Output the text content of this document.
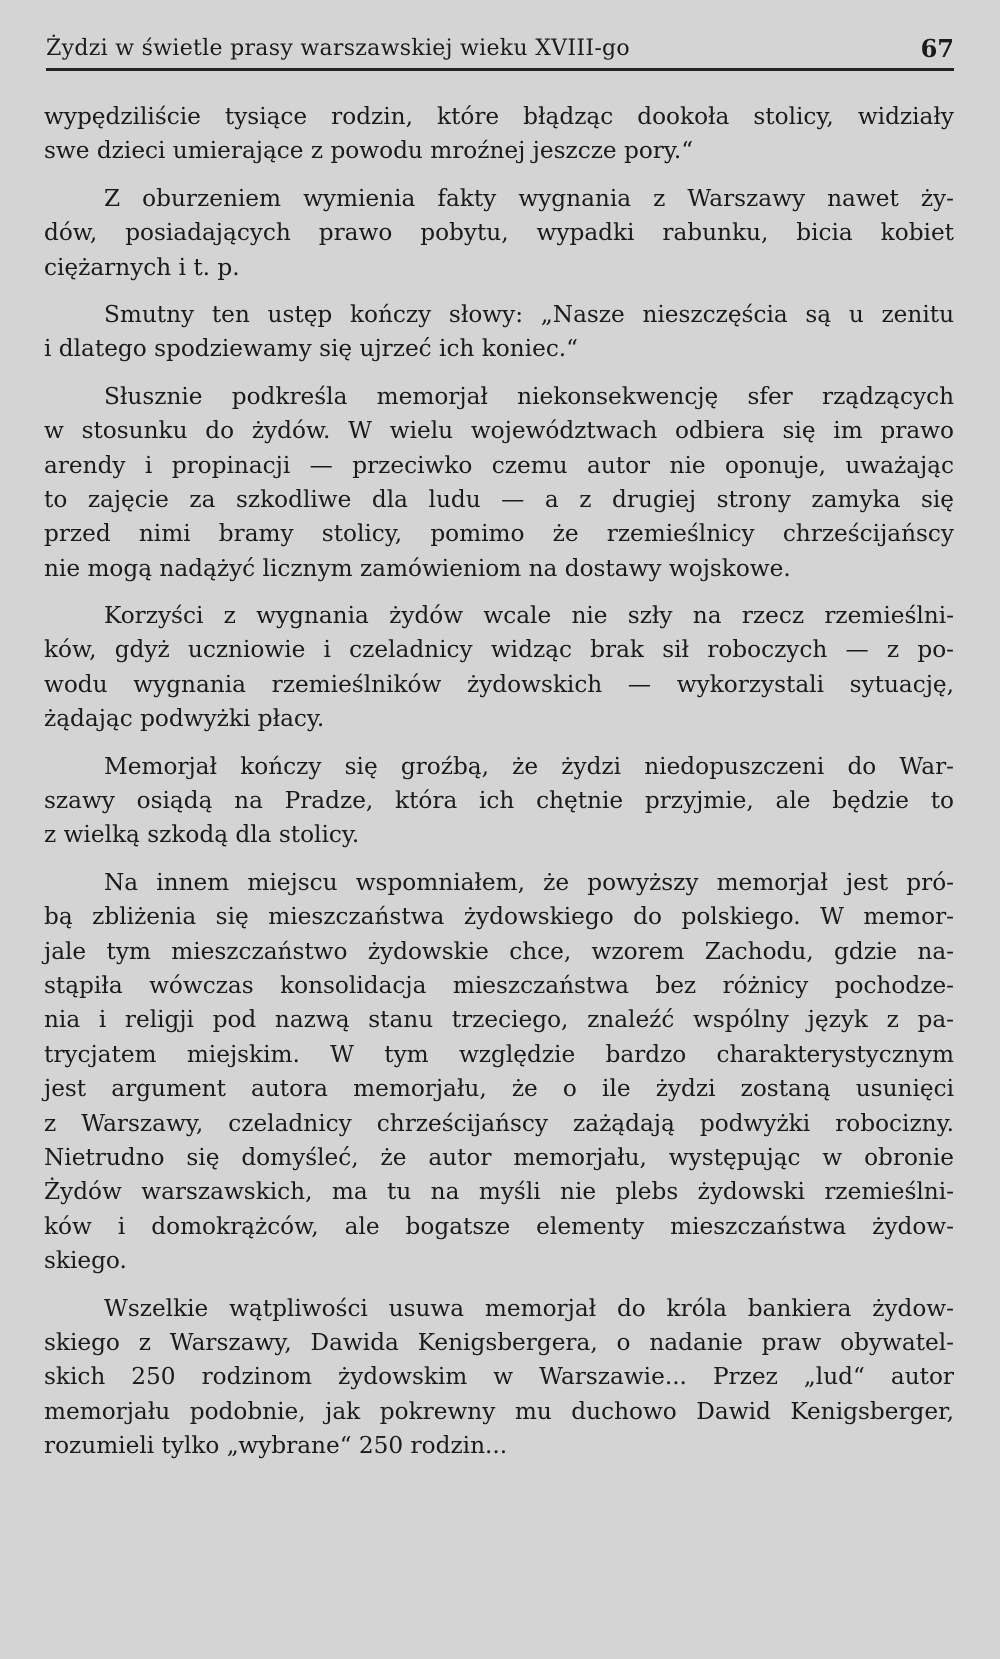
Żydzi w świetle prasy warszawskiej wieku XVIII-go	67
wypędziliście tysiące rodzin, które błądząc dookoła stolicy, widziały
swe dzieci umierające z powodu mroźnej jeszcze pory.“
Z oburzeniem wymienia fakty wygnania z Warszawy nawet ży-
dów, posiadających prawo pobytu, wypadki rabunku, bicia kobiet
ciężarnych i t. p.
Smutny ten ustęp kończy słowy: „Nasze nieszczęścia są u zenitu
i dlatego spodziewamy się ujrzeć ich koniec.“
Słusznie podkreśla memorjał niekonsekwencję sfer rządzących
w stosunku do żydów. W wielu województwach odbiera się im prawo
arendy i propinacji — przeciwko czemu autor nie oponuje, uważając
to zajęcie za szkodliwe dla ludu — a z drugiej strony zamyka się
przed nimi bramy stolicy, pomimo że rzemieślnicy chrześcijańscy
nie mogą nadążyć licznym zamówieniom na dostawy wojskowe.
Korzyści z wygnania żydów wcale nie szły na rzecz rzemieślni-
ków, gdyż uczniowie i czeladnicy widząc brak sił roboczych — z po-
wodu wygnania rzemieślników żydowskich — wykorzystali sytuację,
żądając podwyżki płacy.
Memorjał kończy się groźbą, że żydzi niedopuszczeni do War-
szawy osiądą na Pradze, która ich chętnie przyjmie, ale będzie to
z wielką szkodą dla stolicy.
Na innem miejscu wspomniałem, że powyższy memorjał jest pró-
bą zbliżenia się mieszczaństwa żydowskiego do polskiego. W memor-
jale tym mieszczaństwo żydowskie chce, wzorem Zachodu, gdzie na-
stąpiła wówczas konsolidacja mieszczaństwa bez różnicy pochodze-
nia i religji pod nazwą stanu trzeciego, znaleźć wspólny język z pa-
trycjatem miejskim. W tym względzie bardzo charakterystycznym
jest argument autora memorjału, że o ile żydzi zostaną usunięci
z Warszawy, czeladnicy chrześcijańscy zażądają podwyżki robocizny.
Nietrudno się domyśleć, że autor memorjału, występując w obronie
Żydów warszawskich, ma tu na myśli nie plebs żydowski rzemieślni-
ków i domokrążców, ale bogatsze elementy mieszczaństwa żydow-
skiego.
Wszelkie wątpliwości usuwa memorjał do króla bankiera żydow-
skiego z Warszawy, Dawida Kenigsbergera, o nadanie praw obywatel-
skich 250 rodzinom żydowskim w Warszawie... Przez „lud“ autor
memorjału podobnie, jak pokrewny mu duchowo Dawid Kenigsberger,
rozumieli tylko „wybrane“ 250 rodzin...
